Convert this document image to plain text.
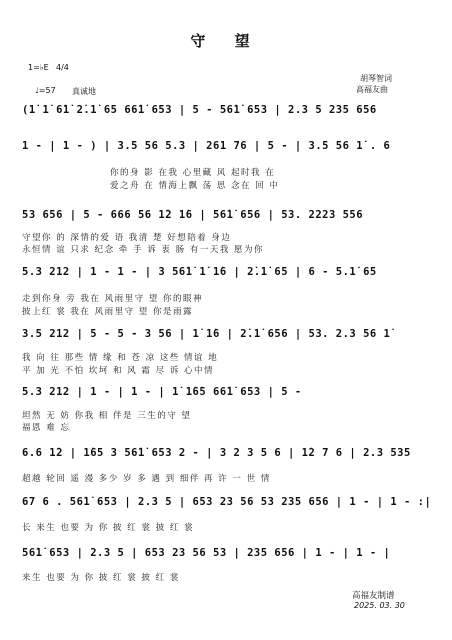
守 望
1=♭E 4/4
♩=57 真诚地
胡琴智词
高福友曲
(1̇ 1̇ 6̇1̇ 2̇.1̇ 65 66̇1̇ 653 | 5 - 56̇1̇ 653 | 2.3 5 235 656
1 - | 1 - ) | 3.5 56 5.3 | 261 76 | 5 - | 3.5 56 1̇ . 6
你的身 影 在我 心里藏 风 起时我 在
爱之舟 在 情海上飘 荡 思 念在 回 中
53 656 | 5 - 666 56 1̇2 1̇6 | 56̇1̇ 656 | 53. 2223 556
守望你 的 深情的爱 语 我清 楚 好想陪着 身边
永恒情 谊 只求 纪念 牵 手 诉 衷 肠 有一天我 愿为你
5.3 212 | 1 - 1 - | 3 56̇1̇ 1̇ 1̇6 | 2̇.1̇ 65 | 6 - 5.1̇ 65
走到你身 旁 我在 风雨里守 望 你的眼神
披上红 裳 我在 风雨里守 望 你是雨露
3.5 212 | 5 - 5 - 3 56 | 1̇ 1̇6 | 2̇.1̇ 656 | 53. 2.3 56 1̇
我 向 往 那些 情 缘 和 苍 凉 这些 情谊 地
平 加 光 不怕 坎坷 和 风 霜 尽 诉 心中情
5.3 212 | 1 - | 1 - | 1̇ 1̇6̇5 66̇1̇ 653 | 5 -
坦然 无 妨 你我 相 伴是 三生的守 望
福恩 难 忘
6.6 1̇2 | 1̇65 3 56̇1̇ 653 2 - | 3 2 3 5 6 | 1̇2 7 6 | 2.3 535
超越 轮回 遥 漫 多少 岁 多 遇 到 细伴 再 许 一 世 情
67 6 . 56̇1̇ 653 | 2.3 5 | 653 23 56 53 235 656 | 1 - | 1 - :|
长 来生 也要 为 你 披 红 裳 披 红 裳
56̇1̇ 653 | 2.3 5 | 653 23 56 53 | 235 656 | 1 - | 1 - |
来生 也要 为 你 披 红 裳 披 红 裳
高福友制谱
2025. 03. 30
